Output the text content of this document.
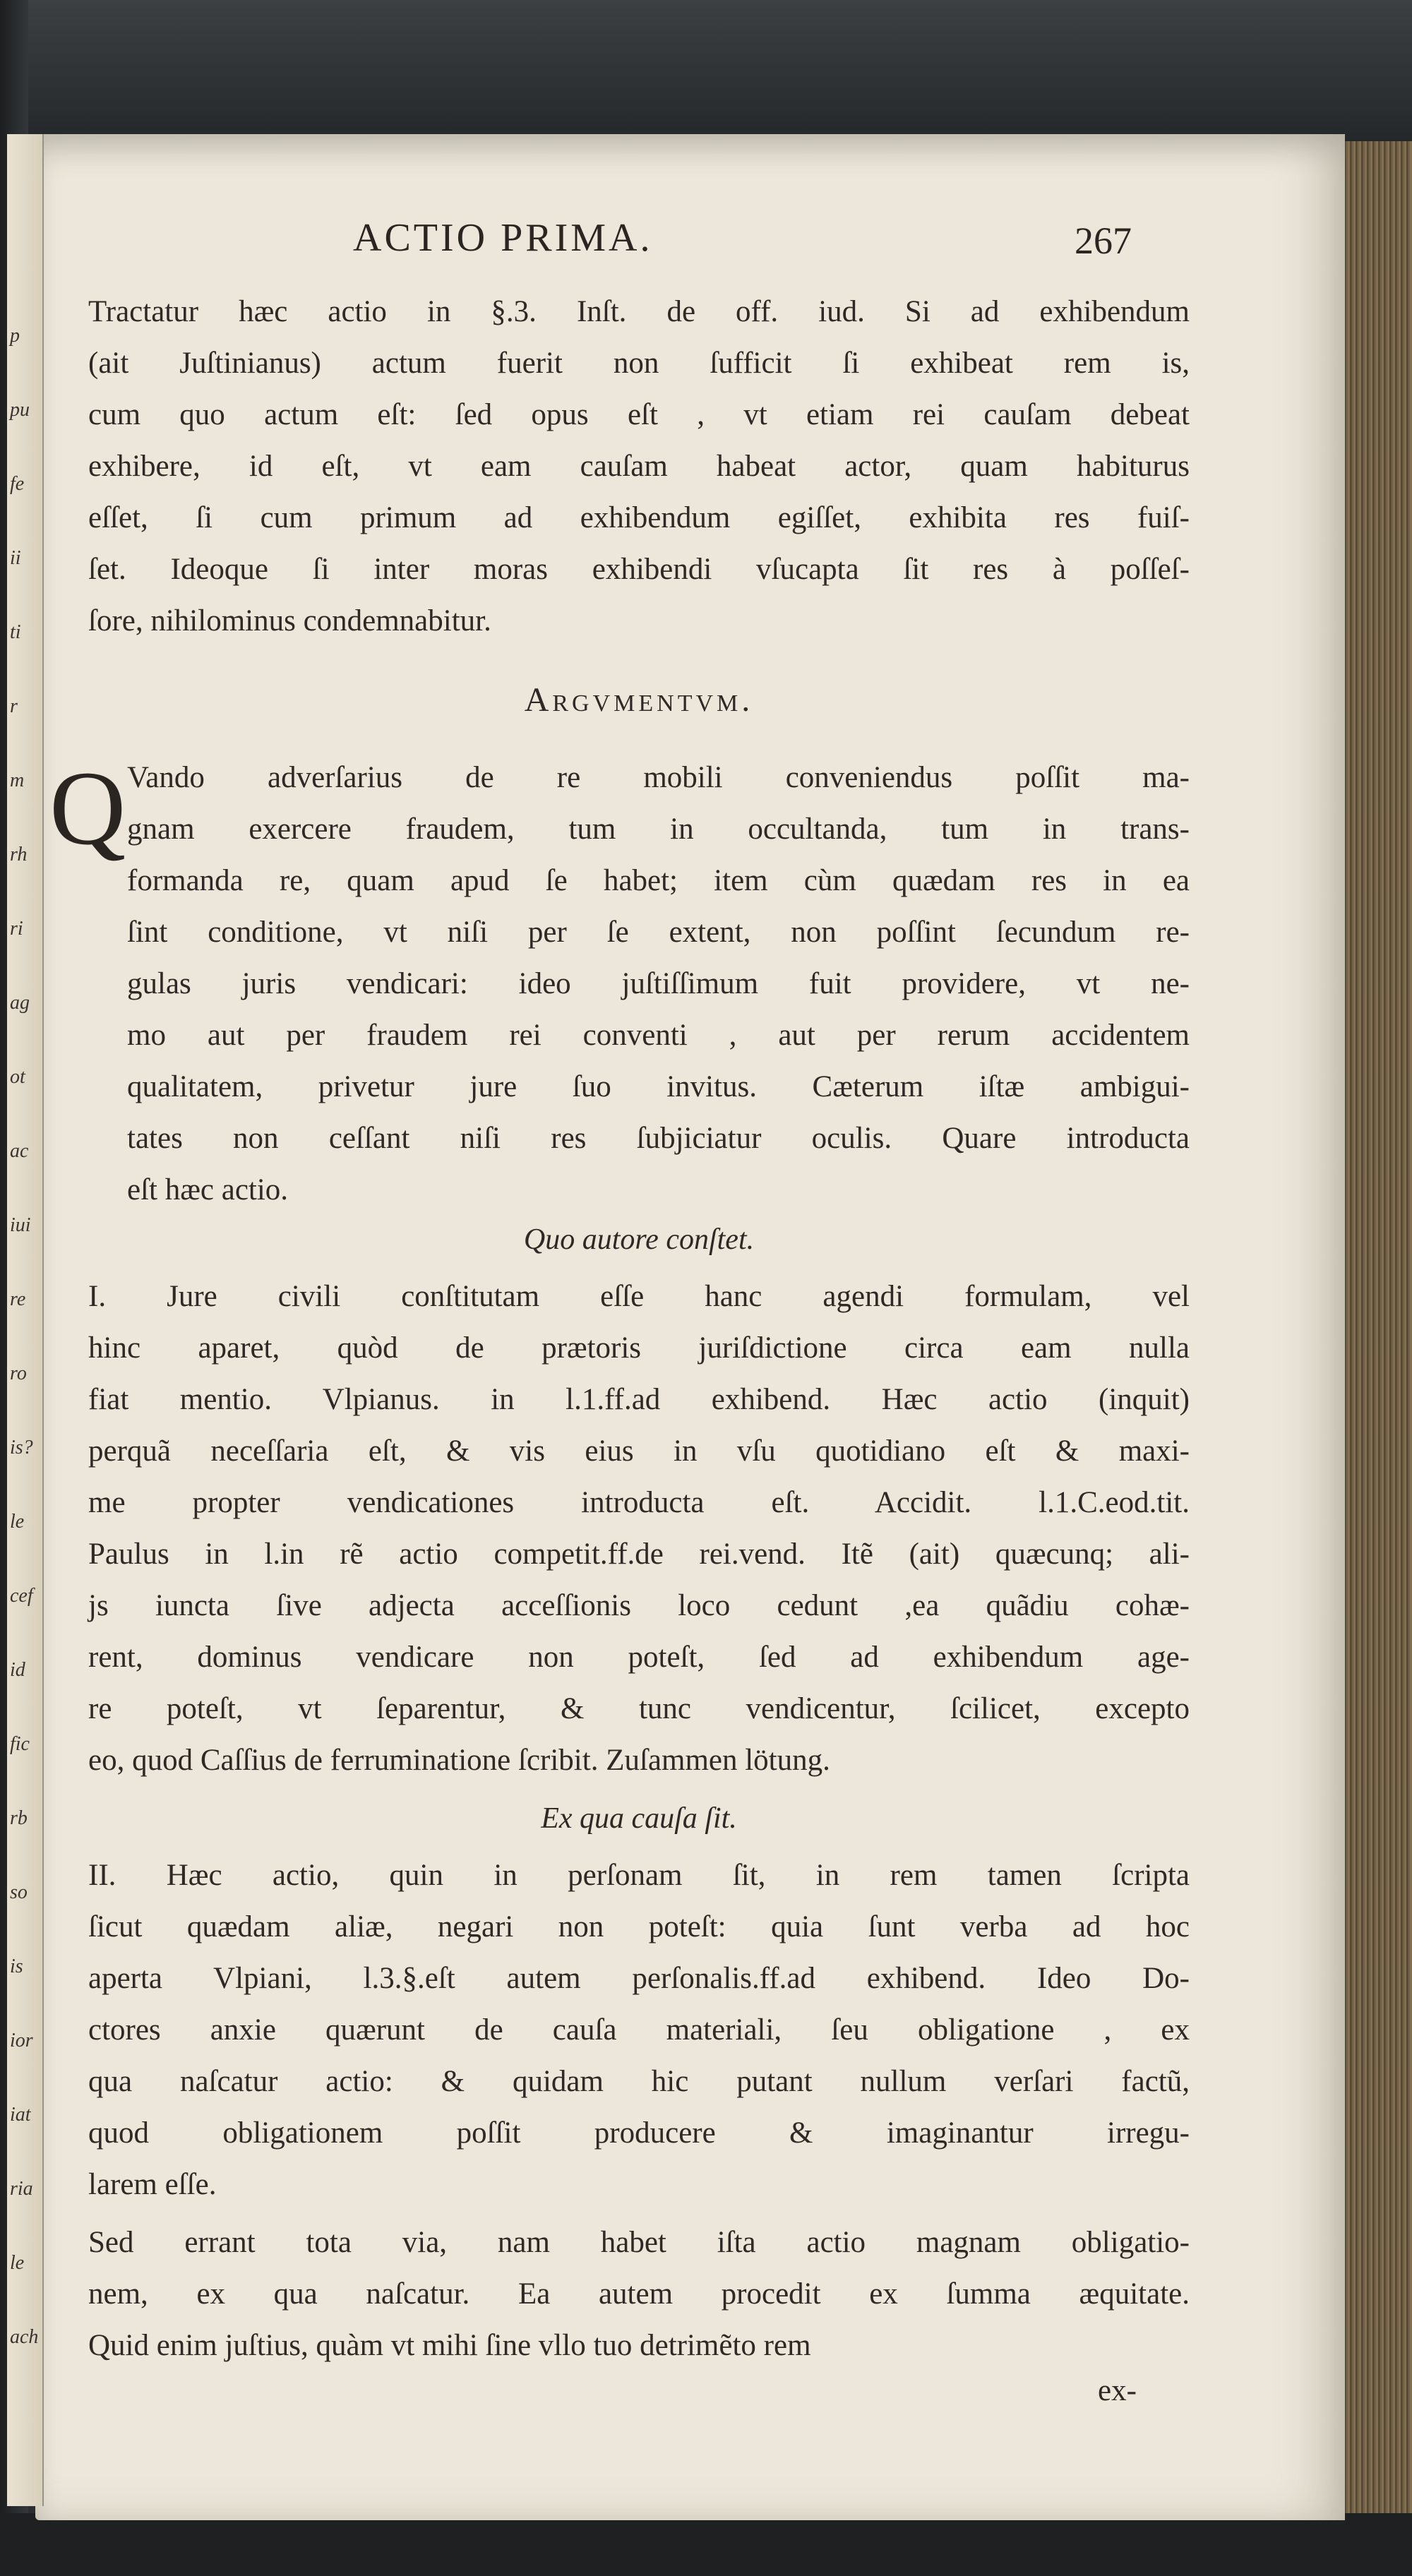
p
pu
fe
ii
ti
r
m
rh
ri
ag
ot
ac
iui
re
ro
is?
le
cef
id
fic
rb
so
is
ior
iat
ria
le
ach
ACTIO PRIMA.	267
Tractatur hæc actio in §.3. Inſt. de off. iud. Si ad exhibendum
(ait Juſtinianus) actum fuerit non ſufficit ſi exhibeat rem is,
cum quo actum eſt: ſed opus eſt , vt etiam rei cauſam debeat
exhibere, id eſt, vt eam cauſam habeat actor, quam habiturus
eſſet, ſi cum primum ad exhibendum egiſſet, exhibita res fuiſ-
ſet. Ideoque ſi inter moras exhibendi vſucapta ſit res à poſſeſ-
ſore, nihilominus condemnabitur.
Argvmentvm.
Q Vando adverſarius de re mobili conveniendus poſſit ma-
gnam exercere fraudem, tum in occultanda, tum in trans-
formanda re, quam apud ſe habet; item cùm quædam res in ea
ſint conditione, vt niſi per ſe extent, non poſſint ſecundum re-
gulas juris vendicari: ideo juſtiſſimum fuit providere, vt ne-
mo aut per fraudem rei conventi , aut per rerum accidentem
qualitatem, privetur jure ſuo invitus. Cæterum iſtæ ambigui-
tates non ceſſant niſi res ſubjiciatur oculis. Quare introducta
eſt hæc actio.
Quo autore conſtet.
I. Jure civili conſtitutam eſſe hanc agendi formulam, vel
hinc aparet, quòd de prætoris juriſdictione circa eam nulla
fiat mentio. Vlpianus. in l.1.ff.ad exhibend. Hæc actio (inquit)
perquã neceſſaria eſt, & vis eius in vſu quotidiano eſt & maxi-
me propter vendicationes introducta eſt. Accidit. l.1.C.eod.tit.
Paulus in l.in rẽ actio competit.ff.de rei.vend. Itẽ (ait) quæcunq; ali-
js iuncta ſive adjecta acceſſionis loco cedunt ,ea quãdiu cohæ-
rent, dominus vendicare non poteſt, ſed ad exhibendum age-
re poteſt, vt ſeparentur, & tunc vendicentur, ſcilicet, excepto
eo, quod Caſſius de ferruminatione ſcribit. Zuſammen lötung.
Ex qua cauſa ſit.
II. Hæc actio, quin in perſonam ſit, in rem tamen ſcripta
ſicut quædam aliæ, negari non poteſt: quia ſunt verba ad hoc
aperta Vlpiani, l.3.§.eſt autem perſonalis.ff.ad exhibend. Ideo Do-
ctores anxie quærunt de cauſa materiali, ſeu obligatione , ex
qua naſcatur actio: & quidam hic putant nullum verſari factũ,
quod obligationem poſſit producere & imaginantur irregu-
larem eſſe.
Sed errant tota via, nam habet iſta actio magnam obligatio-
nem, ex qua naſcatur. Ea autem procedit ex ſumma æquitate.
Quid enim juſtius, quàm vt mihi ſine vllo tuo detrimẽto rem
ex-
